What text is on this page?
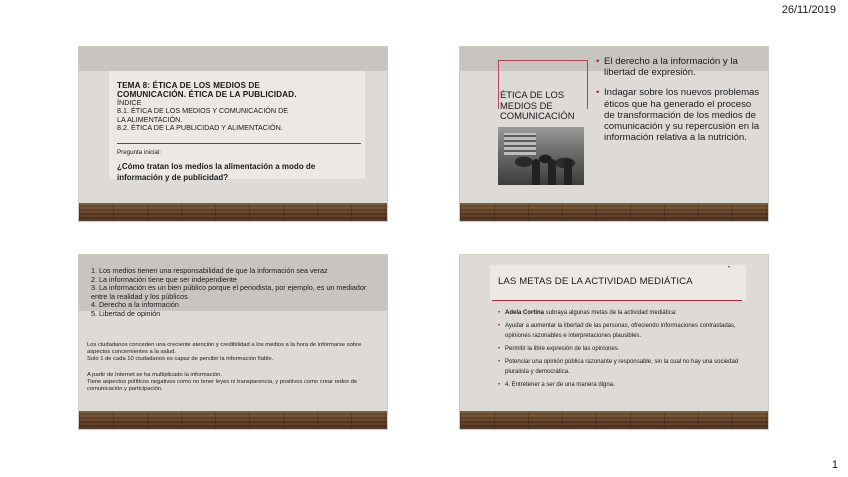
26/11/2019
TEMA 8: ÉTICA DE LOS MEDIOS DE
COMUNICACIÓN. ÉTICA DE LA PUBLICIDAD.
ÍNDICE
8.1. ÉTICA DE LOS MEDIOS Y COMUNICACIÓN DE
LA ALIMENTACIÓN.
8.2. ÉTICA DE LA PUBLICIDAD Y ALIMENTACIÓN.
Pregunta inicial:
¿Cómo tratan los medios la alimentación a modo de información y de publicidad?
ÉTICA DE LOS MEDIOS DE COMUNICACIÓN
• El derecho a la información y la libertad de expresión.
• Indagar sobre los nuevos problemas éticos que ha generado el proceso de transformación de los medios de comunicación y su repercusión en la información relativa a la nutrición.
1. Los medios tienen una responsabilidad de que la información sea veraz
2. La información tiene que ser independiente
3. La información es un bien público porque el periodista, por ejemplo, es un mediador entre la realidad y los públicos
4. Derecho a la información
5. Libertad de opinión

Los ciudadanos conceden una creciente atención y credibilidad a los medios a la hora de informarse sobre aspectos concernientes a la salud.
Solo 1 de cada 10 ciudadanos es capaz de percibir la información fiable.

A partir de Internet se ha multiplicado la información.
Tiene aspectos políticos negativos como no tener leyes ni transparencia, y positivos como crear redes de comunicación y participación.

LAS METAS DE LA ACTIVIDAD MEDIÁTICA
•
• Adela Cortina subraya algunas metas de la actividad mediática:
• Ayudar a aumentar la libertad de las personas, ofreciendo informaciones contrastadas, opiniones razonables e interpretaciones plausibles.
• Permitir la libre expresión de las opiniones.
• Potenciar una opinión pública razonante y responsable, sin la cual no hay una sociedad pluralista y democrática.
• 4. Entretener a ser de una manera digna.
1
